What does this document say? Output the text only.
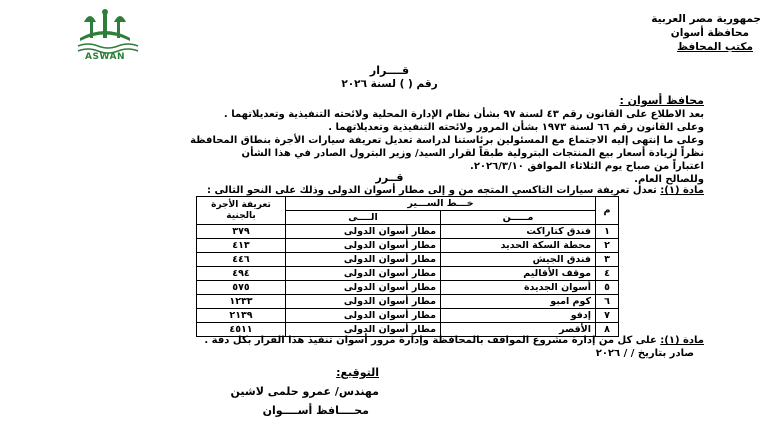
جمهورية مصر العربية
محافظة أسوان
مكتب المحافظ
ASWAN
قــــرار
رقم ( ) لسنة ٢٠٢٦
محافظ أسوان :
بعد الاطلاع على القانون رقم ٤٣ لسنة ٩٧ بشأن نظام الإدارة المحلية ولائحته التنفيذية وتعديلاتهما .
وعلى القانون رقم ٦٦ لسنة ١٩٧٣ بشأن المرور ولائحته التنفيذية وتعديلاتهما .
وعلى ما إنتهى إليه الاجتماع مع المسئولين برئاستنا لدراسة تعديل تعريفة سيارات الأجرة بنطاق المحافظة
نظراً لزيادة أسعار بيع المنتجات البترولية طبقاً لقرار السيد/ وزير البترول الصادر في هذا الشأن
اعتباراً من صباح يوم الثلاثاء الموافق ٢٠٢٦/٣/١٠.
وللصالح العام.
قــرر
مادة (١): تعدل تعريفة سيارات التاكسي المتجه من و إلى مطار أسوان الدولى وذلك على النحو التالى :
م	خـــط الســـير		تعريفة الأجرة بالجنية
	مـــــن	الــــى	
١	فندق كتاراكت	مطار أسوان الدولى	٣٧٩
٢	محطة السكة الحديد	مطار أسوان الدولى	٤١٣
٣	فندق الجيش	مطار أسوان الدولى	٤٤٦
٤	موقف الأقاليم	مطار أسوان الدولى	٤٩٤
٥	أسوان الجديدة	مطار أسوان الدولى	٥٧٥
٦	كوم امبو	مطار أسوان الدولى	١٢٣٣
٧	إدفو	مطار أسوان الدولى	٢١٣٩
٨	الأقصر	مطار أسوان الدولى	٤٥١١
مادة (١): على كل من إدارة مشروع المواقف بالمحافظة وإدارة مرور أسوان تنفيذ هذا القرار بكل دقة .
صادر بتاريخ / / ٢٠٢٦
التوقيع:
مهندس/ عمرو حلمى لاشين
محــــافظ أســــوان
